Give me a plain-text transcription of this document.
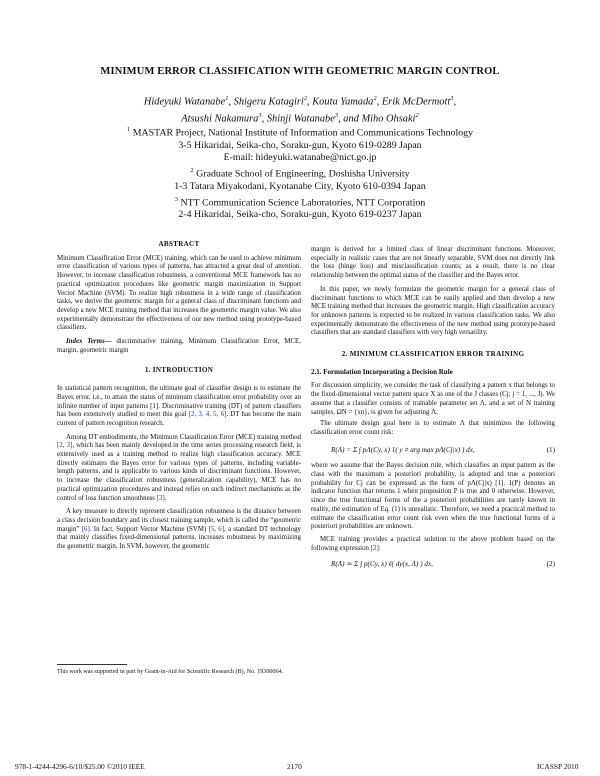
MINIMUM ERROR CLASSIFICATION WITH GEOMETRIC MARGIN CONTROL
Hideyuki Watanabe$^1$, Shigeru Katagiri$^2$, Kouta Yamada$^2$, Erik McDermott$^3$,
Atsushi Nakamura$^3$, Shinji Watanabe$^3$, and Miho Ohsaki$^2$
$^1$ MASTAR Project, National Institute of Information and Communications Technology
3-5 Hikaridai, Seika-cho, Soraku-gun, Kyoto 619-0289 Japan
E-mail: hideyuki.watanabe@nict.go.jp
$^2$ Graduate School of Engineering, Doshisha University
1-3 Tatara Miyakodani, Kyotanabe City, Kyoto 610-0394 Japan
$^3$ NTT Communication Science Laboratories, NTT Corporation
2-4 Hikaridai, Seika-cho, Soraku-gun, Kyoto 619-0237 Japan

ABSTRACT

Minimum Classification Error (MCE) training, which can be used to achieve minimum error classification of various types of patterns, has attracted a great deal of attention. However, to increase classification robustness, a conventional MCE framework has no practical optimization procedures like geometric margin maximization in Support Vector Machine (SVM). To realize high robustness in a wide range of classification tasks, we derive the geometric margin for a general class of discriminant functions and develop a new MCE training method that increases the geometric margin value. We also experimentally demonstrate the effectiveness of our new method using prototype-based classifiers.

Index Terms— discriminative training, Minimum Classification Error, MCE, margin, geometric margin

1. INTRODUCTION

In statistical pattern recognition, the ultimate goal of classifier design is to estimate the Bayes error, i.e., to attain the status of minimum classification error probability over an infinite number of input patterns [1]. Discriminative training (DT) of pattern classifiers has been extensively studied to meet this goal [2, 3, 4, 5, 6]. DT has become the main current of pattern recognition research.

Among DT embodiments, the Minimum Classification Error (MCE) training method [2, 3], which has been mainly developed in the time series processing research field, is extensively used as a training method to realize high classification accuracy. MCE directly estimates the Bayes error for various types of patterns, including variable-length patterns, and is applicable to various kinds of discriminant functions. However, to increase the classification robustness (generalization capability), MCE has no practical optimization procedures and instead relies on such indirect mechanisms as the control of loss function smoothness [3].

A key measure to directly represent classification robustness is the distance between a class decision boundary and its closest training sample, which is called the “geometric margin” [6]. In fact, Support Vector Machine (SVM) [5, 6], a standard DT technology that mainly classifies fixed-dimensional patterns, increases robustness by maximizing the geometric margin. In SVM, however, the geometric

This work was supported in part by Grant-in-Aid for Scientific Research (B), No. 19300064.

margin is derived for a limited class of linear discriminant functions. Moreover, especially in realistic cases that are not linearly separable, SVM does not directly link the loss (hinge loss) and misclassification counts; as a result, there is no clear relationship between the optimal status of the classifier and the Bayes error.

In this paper, we newly formulate the geometric margin for a general class of discriminant functions to which MCE can be easily applied and then develop a new MCE training method that increases the geometric margin. High classification accuracy for unknown patterns is expected to be realized in various classification tasks. We also experimentally demonstrate the effectiveness of the new method using prototype-based classifiers that are standard classifiers with very high versatility.

2. MINIMUM CLASSIFICATION ERROR TRAINING

2.1. Formulation Incorporating a Decision Rule

For discussion simplicity, we consider the task of classifying a pattern x that belongs to the fixed-dimensional vector pattern space X as one of the J classes (Cj; j = 1, ..., J). We assume that a classifier consists of trainable parameter set Λ, and a set of N training samples, ΩN = {xn}, is given for adjusting Λ.

The ultimate design goal here is to estimate Λ that minimizes the following classification error count risk:

R(Λ) = Σ ∫ pΛ(Cy, x) 1( y ≠ arg max pΛ(Cj|x) ) dx,	(1)

where we assume that the Bayes decision rule, which classifies an input pattern as the class with the maximum a posteriori probability, is adopted and true a posteriori probability for Cj can be expressed as the form of pΛ(Cj|x) [1]. 1(P) denotes an indicator function that returns 1 when proposition P is true and 0 otherwise. However, since the true functional forms of the a posteriori probabilities are rarely known in reality, the estimation of Eq. (1) is unrealistic. Therefore, we need a practical method to estimate the classification error count risk even when the true functional forms of a posteriori probabilities are unknown.

MCE training provides a practical solution to the above problem based on the following expression [2]:

R(Λ) ≃ Σ ∫ p(Cy, x) ℓ( dy(x, Λ) ) dx,	(2)
978-1-4244-4296-6/10/$25.00 ©2010 IEEE	2170	ICASSP 2010
